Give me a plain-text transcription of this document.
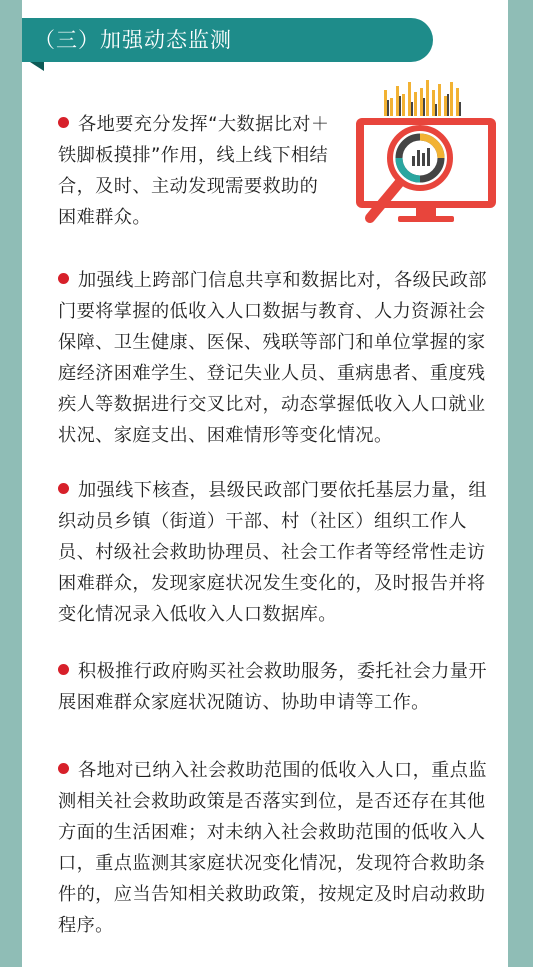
（三）加强动态监测

各地要充分发挥“大数据比对＋铁脚板摸排”作用，线上线下相结合，及时、主动发现需要救助的困难群众。

加强线上跨部门信息共享和数据比对，各级民政部门要将掌握的低收入人口数据与教育、人力资源社会保障、卫生健康、医保、残联等部门和单位掌握的家庭经济困难学生、登记失业人员、重病患者、重度残疾人等数据进行交叉比对，动态掌握低收入人口就业状况、家庭支出、困难情形等变化情况。

加强线下核查，县级民政部门要依托基层力量，组织动员乡镇（街道）干部、村（社区）组织工作人员、村级社会救助协理员、社会工作者等经常性走访困难群众，发现家庭状况发生变化的，及时报告并将变化情况录入低收入人口数据库。

积极推行政府购买社会救助服务，委托社会力量开展困难群众家庭状况随访、协助申请等工作。

各地对已纳入社会救助范围的低收入人口，重点监测相关社会救助政策是否落实到位，是否还存在其他方面的生活困难；对未纳入社会救助范围的低收入人口，重点监测其家庭状况变化情况，发现符合救助条件的，应当告知相关救助政策，按规定及时启动救助程序。
